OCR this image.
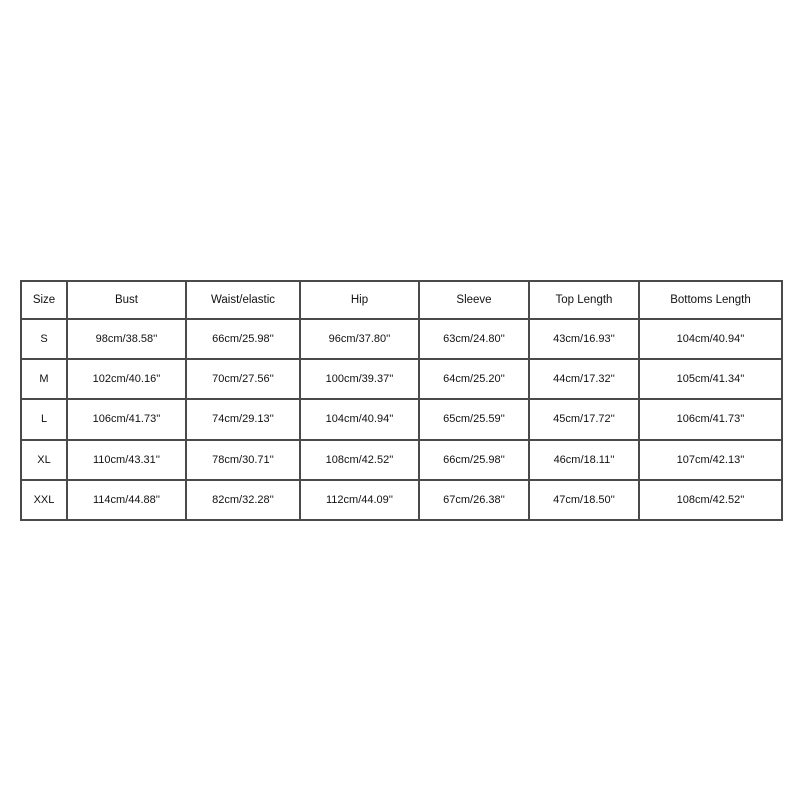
Size	Bust	Waist/elastic	Hip	Sleeve	Top Length	Bottoms Length
S	98cm/38.58''	66cm/25.98''	96cm/37.80''	63cm/24.80''	43cm/16.93''	104cm/40.94''
M	102cm/40.16''	70cm/27.56''	100cm/39.37''	64cm/25.20''	44cm/17.32''	105cm/41.34''
L	106cm/41.73''	74cm/29.13''	104cm/40.94''	65cm/25.59''	45cm/17.72''	106cm/41.73''
XL	110cm/43.31''	78cm/30.71''	108cm/42.52''	66cm/25.98''	46cm/18.11''	107cm/42.13''
XXL	114cm/44.88''	82cm/32.28''	112cm/44.09''	67cm/26.38''	47cm/18.50''	108cm/42.52''
